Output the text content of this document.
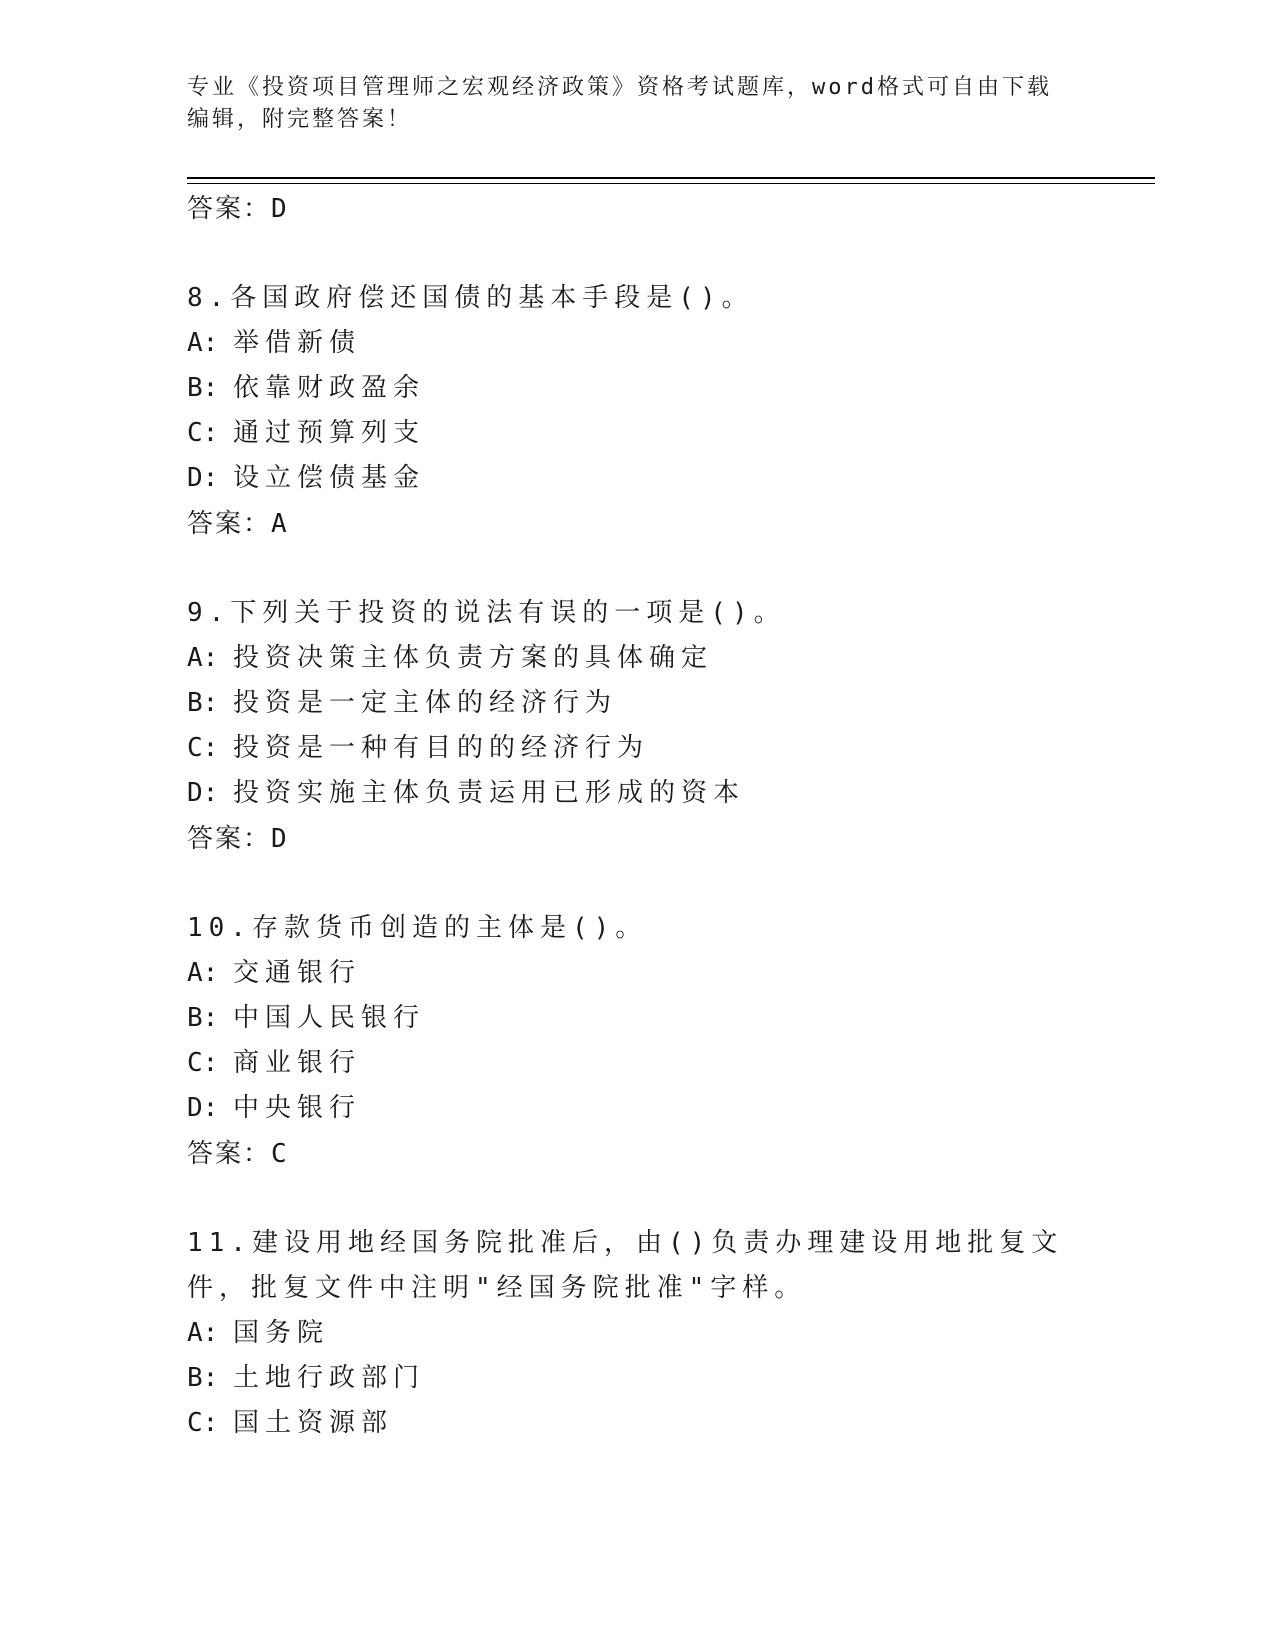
专业《投资项目管理师之宏观经济政策》资格考试题库，word格式可自由下载编辑，附完整答案！
答案：D
8.各国政府偿还国债的基本手段是()。
A: 举借新债
B: 依靠财政盈余
C: 通过预算列支
D: 设立偿债基金
答案：A
9.下列关于投资的说法有误的一项是()。
A: 投资决策主体负责方案的具体确定
B: 投资是一定主体的经济行为
C: 投资是一种有目的的经济行为
D: 投资实施主体负责运用已形成的资本
答案：D
10.存款货币创造的主体是()。
A: 交通银行
B: 中国人民银行
C: 商业银行
D: 中央银行
答案：C
11.建设用地经国务院批准后，由()负责办理建设用地批复文件，批复文件中注明"经国务院批准"字样。
A: 国务院
B: 土地行政部门
C: 国土资源部
